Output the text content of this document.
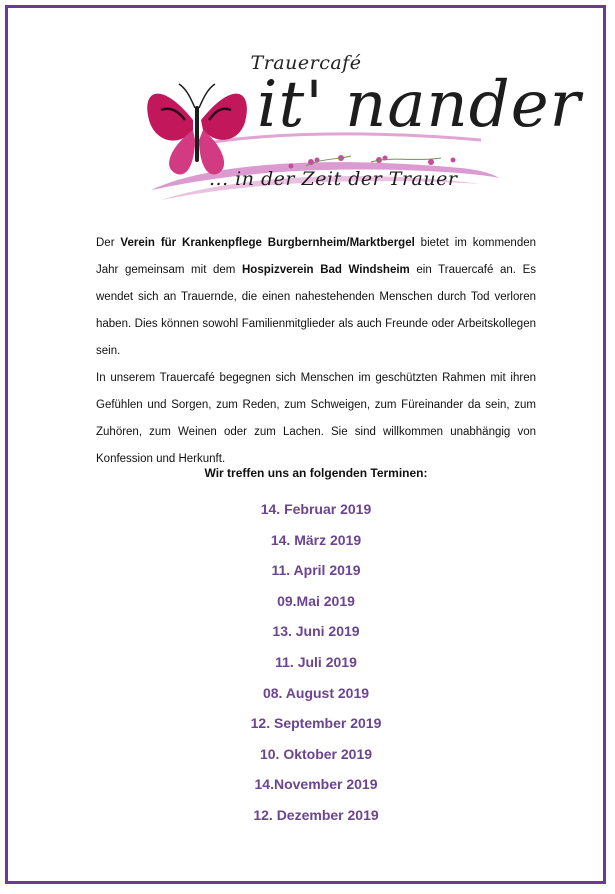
Trauercafé
it' nander
... in der Zeit der Trauer

Der Verein für Krankenpflege Burgbernheim/Marktbergel bietet im kommenden Jahr gemeinsam mit dem Hospizverein Bad Windsheim ein Trauercafé an. Es wendet sich an Trauernde, die einen nahestehenden Menschen durch Tod verloren haben. Dies können sowohl Familienmitglieder als auch Freunde oder Arbeitskollegen sein.

In unserem Trauercafé begegnen sich Menschen im geschützten Rahmen mit ihren Gefühlen und Sorgen, zum Reden, zum Schweigen, zum Füreinander da sein, zum Zuhören, zum Weinen oder zum Lachen. Sie sind willkommen unabhängig von Konfession und Herkunft.

Wir treffen uns an folgenden Terminen:
14. Februar 2019
14. März 2019
11. April 2019
09.Mai 2019
13. Juni 2019
11. Juli 2019
08. August 2019
12. September 2019
10. Oktober 2019
14.November 2019
12. Dezember 2019
